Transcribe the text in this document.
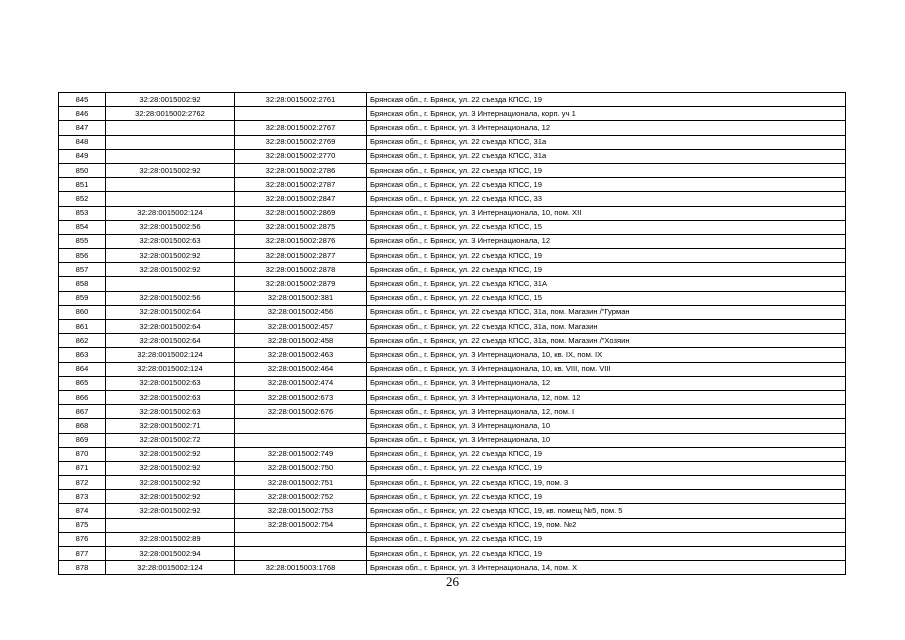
845	32:28:0015002:92	32:28:0015002:2761	Брянская обл., г. Брянск, ул. 22 съезда КПСС, 19
846	32:28:0015002:2762		Брянская обл., г. Брянск, ул. 3 Интернационала, корп. уч 1
847		32:28:0015002:2767	Брянская обл., г. Брянск, ул. 3 Интернационала, 12
848		32:28:0015002:2769	Брянская обл., г. Брянск, ул. 22 съезда КПСС, 31а
849		32:28:0015002:2770	Брянская обл., г. Брянск, ул. 22 съезда КПСС, 31а
850	32:28:0015002:92	32:28:0015002:2786	Брянская обл., г. Брянск, ул. 22 съезда КПСС, 19
851		32:28:0015002:2787	Брянская обл., г. Брянск, ул. 22 съезда КПСС, 19
852		32:28:0015002:2847	Брянская обл., г. Брянск, ул. 22 съезда КПСС, 33
853	32:28:0015002:124	32:28:0015002:2869	Брянская обл., г. Брянск, ул. 3 Интернационала, 10, пом. XII
854	32:28:0015002:56	32:28:0015002:2875	Брянская обл., г. Брянск, ул. 22 съезда КПСС, 15
855	32:28:0015002:63	32:28:0015002:2876	Брянская обл., г. Брянск, ул. 3 Интернационала, 12
856	32:28:0015002:92	32:28:0015002:2877	Брянская обл., г. Брянск, ул. 22 съезда КПСС, 19
857	32:28:0015002:92	32:28:0015002:2878	Брянская обл., г. Брянск, ул. 22 съезда КПСС, 19
858		32:28:0015002:2879	Брянская обл., г. Брянск, ул. 22 съезда КПСС, 31А
859	32:28:0015002:56	32:28:0015002:381	Брянская обл., г. Брянск, ул. 22 съезда КПСС, 15
860	32:28:0015002:64	32:28:0015002:456	Брянская обл., г. Брянск, ул. 22 съезда КПСС, 31а, пом. Магазин /"Гурман
861	32:28:0015002:64	32:28:0015002:457	Брянская обл., г. Брянск, ул. 22 съезда КПСС, 31а, пом. Магазин
862	32:28:0015002:64	32:28:0015002:458	Брянская обл., г. Брянск, ул. 22 съезда КПСС, 31а, пом. Магазин /"Хозяин
863	32:28:0015002:124	32:28:0015002:463	Брянская обл., г. Брянск, ул. 3 Интернационала, 10, кв. IX, пом. IX
864	32:28:0015002:124	32:28:0015002:464	Брянская обл., г. Брянск, ул. 3 Интернационала, 10, кв. VIII, пом. VIII
865	32:28:0015002:63	32:28:0015002:474	Брянская обл., г. Брянск, ул. 3 Интернационала, 12
866	32:28:0015002:63	32:28:0015002:673	Брянская обл., г. Брянск, ул. 3 Интернационала, 12, пом. 12
867	32:28:0015002:63	32:28:0015002:676	Брянская обл., г. Брянск, ул. 3 Интернационала, 12, пом. I
868	32:28:0015002:71		Брянская обл., г. Брянск, ул. 3 Интернационала, 10
869	32:28:0015002:72		Брянская обл., г. Брянск, ул. 3 Интернационала, 10
870	32:28:0015002:92	32:28:0015002:749	Брянская обл., г. Брянск, ул. 22 съезда КПСС, 19
871	32:28:0015002:92	32:28:0015002:750	Брянская обл., г. Брянск, ул. 22 съезда КПСС, 19
872	32:28:0015002:92	32:28:0015002:751	Брянская обл., г. Брянск, ул. 22 съезда КПСС, 19, пом. 3
873	32:28:0015002:92	32:28:0015002:752	Брянская обл., г. Брянск, ул. 22 съезда КПСС, 19
874	32:28:0015002:92	32:28:0015002:753	Брянская обл., г. Брянск, ул. 22 съезда КПСС, 19, кв. помещ №5, пом. 5
875		32:28:0015002:754	Брянская обл., г. Брянск, ул. 22 съезда КПСС, 19, пом. №2
876	32:28:0015002:89		Брянская обл., г. Брянск, ул. 22 съезда КПСС, 19
877	32:28:0015002:94		Брянская обл., г. Брянск, ул. 22 съезда КПСС, 19
878	32:28:0015002:124	32:28:0015003:1768	Брянская обл., г. Брянск, ул. 3 Интернационала, 14, пом. X
26
